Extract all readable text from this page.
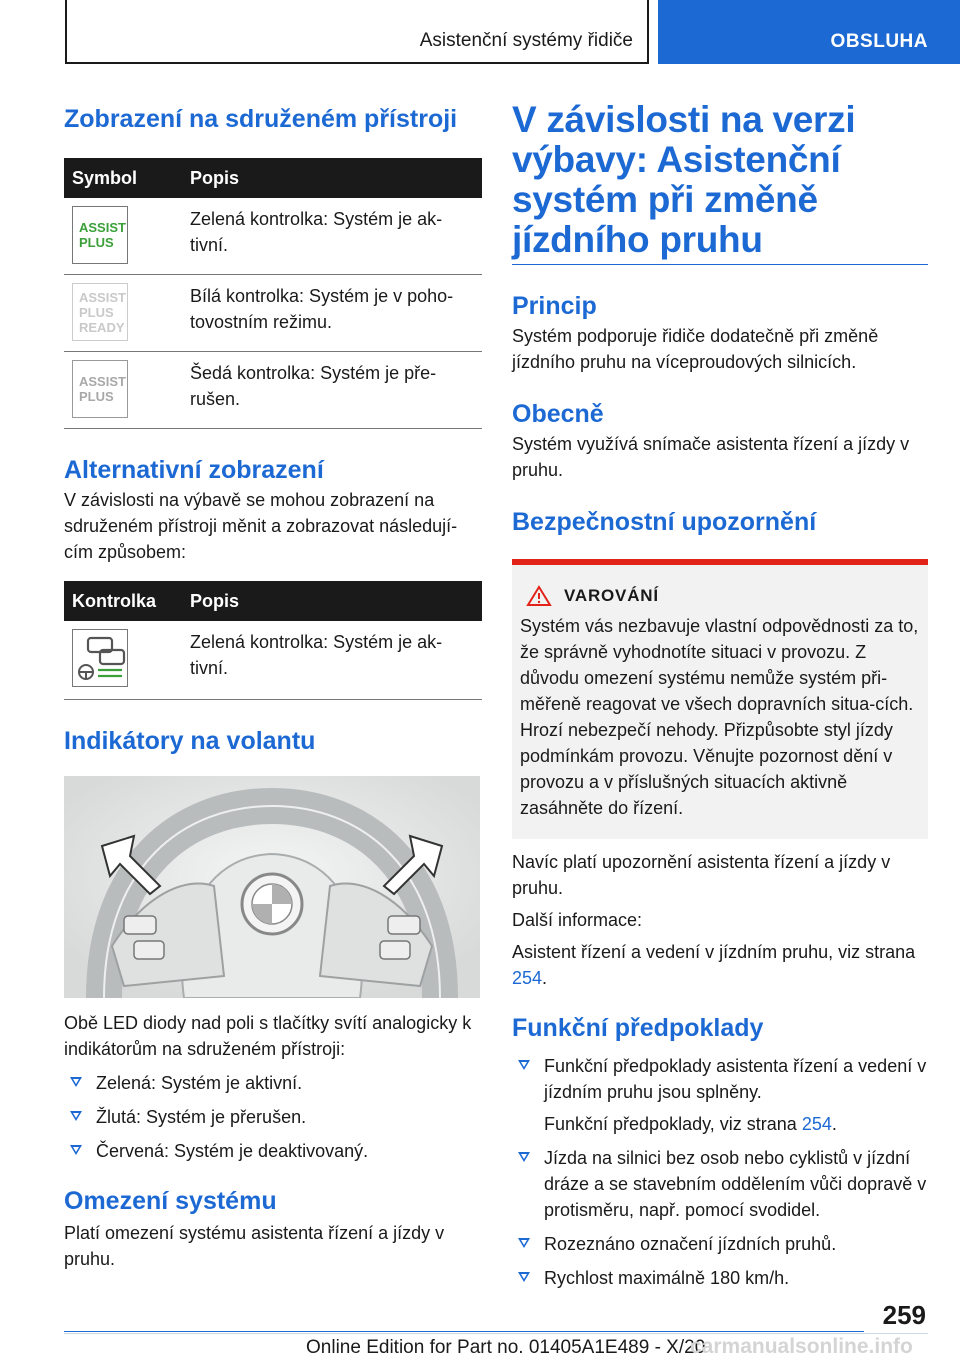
Asistenční systémy řidiče	OBSLUHA
Zobrazení na sdruženém přístroji
Symbol	Popis

ASSIST
PLUS	Zelená kontrolka: Systém je ak-tivní.

ASSIST
PLUS
READY	Bílá kontrolka: Systém je v poho-tovostním režimu.

ASSIST
PLUS	Šedá kontrolka: Systém je pře-rušen.
Alternativní zobrazení

V závislosti na výbavě se mohou zobrazení na sdruženém přístroji měnit a zobrazovat následují-cím způsobem:

Kontrolka	Popis

	Zelená kontrolka: Systém je ak-tivní.
Indikátory na volantu

Obě LED diody nad poli s tlačítky svítí analogicky k indikátorům na sdruženém přístroji:

Zelená: Systém je aktivní.
Žlutá: Systém je přerušen.
Červená: Systém je deaktivovaný.
Omezení systému

Platí omezení systému asistenta řízení a jízdy v pruhu.

V závislosti na verzi výbavy: Asistenční systém při změně jízdního pruhu
Princip

Systém podporuje řidiče dodatečně při změně jízdního pruhu na víceproudových silnicích.

Obecně

Systém využívá snímače asistenta řízení a jízdy v pruhu.

Bezpečnostní upozornění
VAROVÁNÍ

Systém vás nezbavuje vlastní odpovědnosti za to, že správně vyhodnotíte situaci v provozu. Z důvodu omezení systému nemůže systém při-měřeně reagovat ve všech dopravních situa-cích. Hrozí nebezpečí nehody. Přizpůsobte styl jízdy podmínkám provozu. Věnujte pozornost dění v provozu a v příslušných situacích aktivně zasáhněte do řízení.

Navíc platí upozornění asistenta řízení a jízdy v pruhu.

Další informace:

Asistent řízení a vedení v jízdním pruhu, viz strana 254.

Funkční předpoklady
Funkční předpoklady asistenta řízení a vedení v jízdním pruhu jsou splněny.
Funkční předpoklady, viz strana 254.
Jízda na silnici bez osob nebo cyklistů v jízdní dráze a se stavebním oddělením vůči dopravě v protisměru, např. pomocí svodidel.
Rozeznáno označení jízdních pruhů.
Rychlost maximálně 180 km/h.
259
Online Edition for Part no. 01405A1E489 - X/20
carmanualsonline.info
